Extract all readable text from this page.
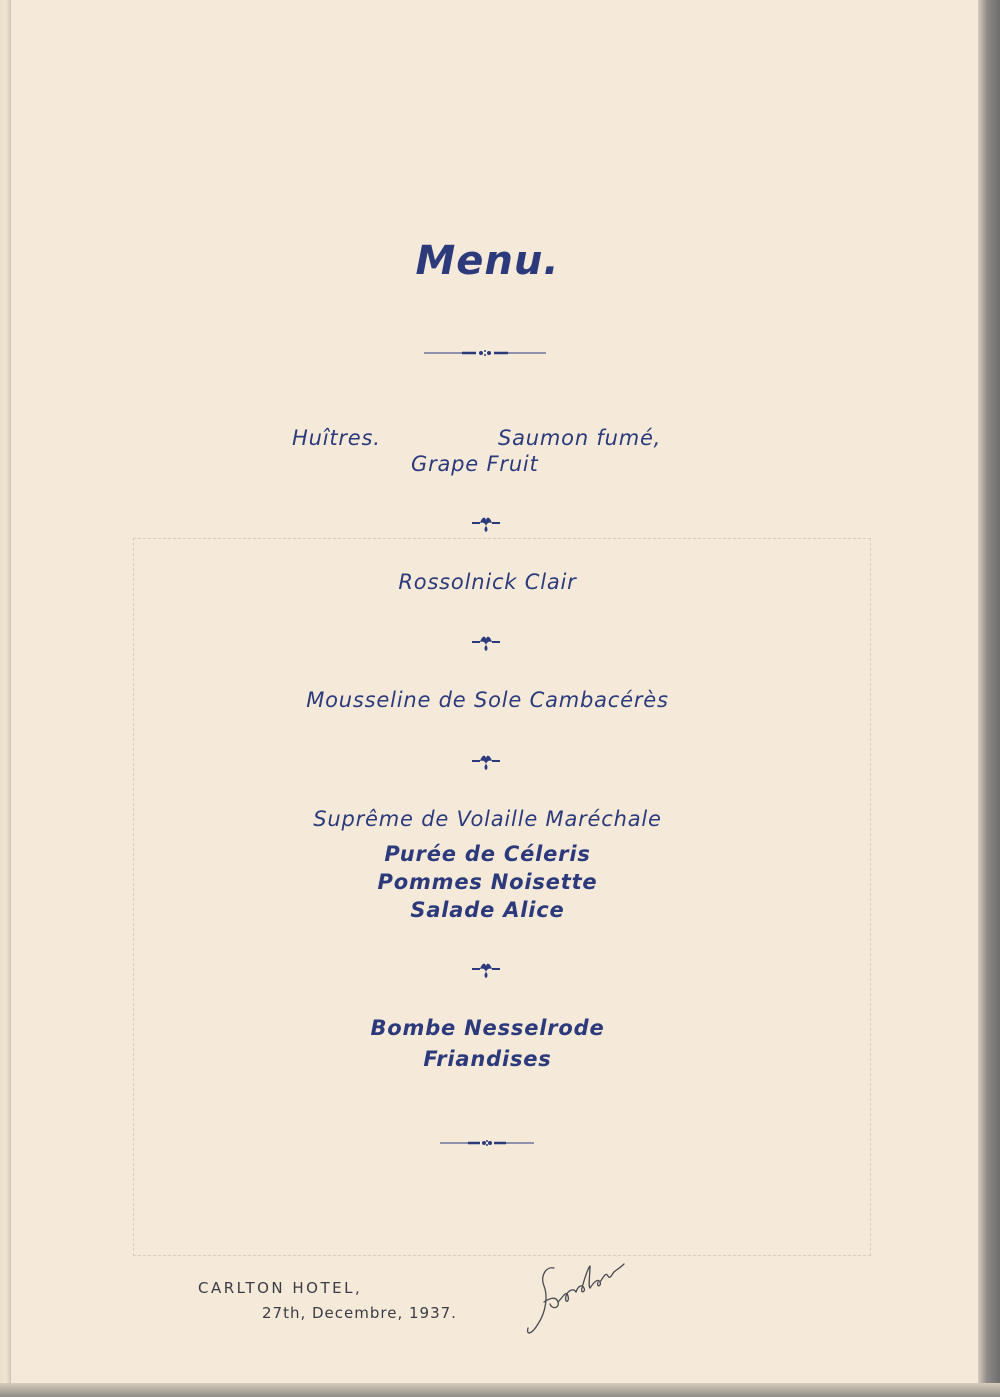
Menu.
Huîtres.	Saumon fumé,
Grape Fruit
Rossolnick Clair
Mousseline de Sole Cambacérès
Suprême de Volaille Maréchale
Purée de Céleris
Pommes Noisette
Salade Alice
Bombe Nesselrode
Friandises
CARLTON HOTEL,
27th, Decembre, 1937.
